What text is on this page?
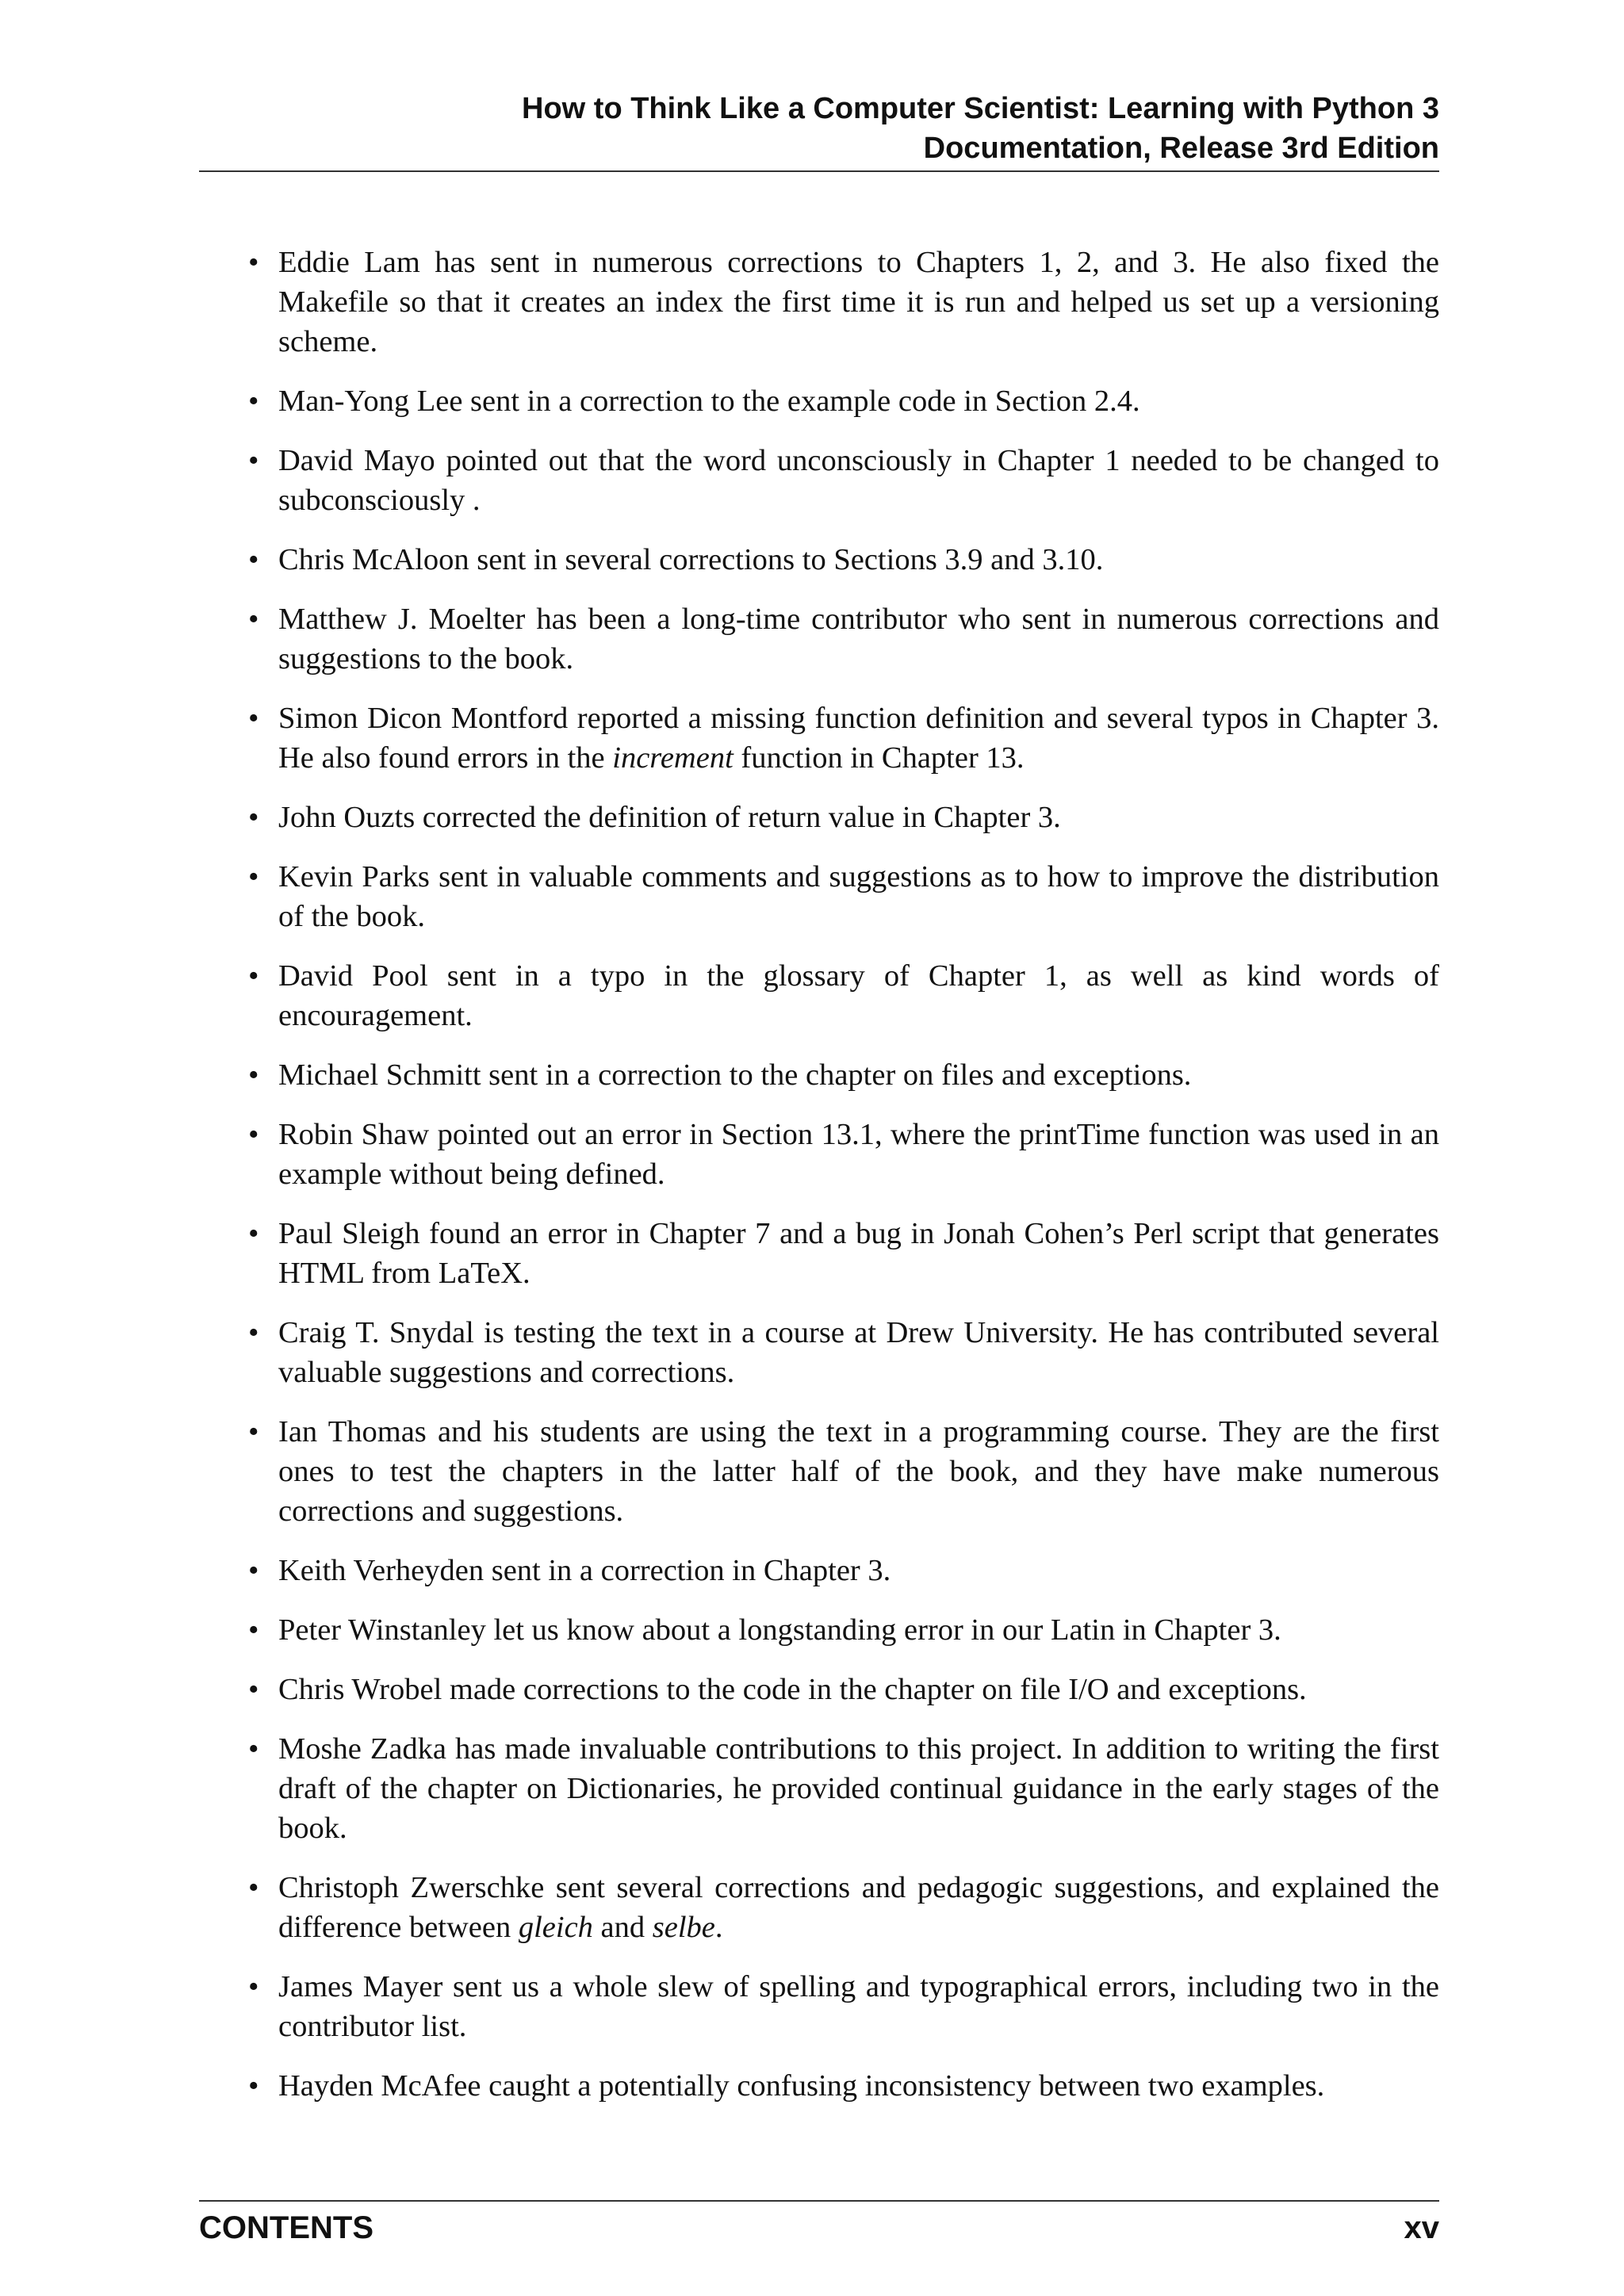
How to Think Like a Computer Scientist: Learning with Python 3
Documentation, Release 3rd Edition
• Eddie Lam has sent in numerous corrections to Chapters 1, 2, and 3. He also fixed the Makefile so that it creates an index the first time it is run and helped us set up a versioning scheme.
• Man-Yong Lee sent in a correction to the example code in Section 2.4.
• David Mayo pointed out that the word unconsciously in Chapter 1 needed to be changed to subconsciously .
• Chris McAloon sent in several corrections to Sections 3.9 and 3.10.
• Matthew J. Moelter has been a long-time contributor who sent in numerous corrections and suggestions to the book.
• Simon Dicon Montford reported a missing function definition and several typos in Chapter 3. He also found errors in the increment function in Chapter 13.
• John Ouzts corrected the definition of return value in Chapter 3.
• Kevin Parks sent in valuable comments and suggestions as to how to improve the distribution of the book.
• David Pool sent in a typo in the glossary of Chapter 1, as well as kind words of encouragement.
• Michael Schmitt sent in a correction to the chapter on files and exceptions.
• Robin Shaw pointed out an error in Section 13.1, where the printTime function was used in an example without being defined.
• Paul Sleigh found an error in Chapter 7 and a bug in Jonah Cohen’s Perl script that generates HTML from LaTeX.
• Craig T. Snydal is testing the text in a course at Drew University. He has contributed several valuable suggestions and corrections.
• Ian Thomas and his students are using the text in a programming course. They are the first ones to test the chapters in the latter half of the book, and they have make numerous corrections and suggestions.
• Keith Verheyden sent in a correction in Chapter 3.
• Peter Winstanley let us know about a longstanding error in our Latin in Chapter 3.
• Chris Wrobel made corrections to the code in the chapter on file I/O and exceptions.
• Moshe Zadka has made invaluable contributions to this project. In addition to writing the first draft of the chapter on Dictionaries, he provided continual guidance in the early stages of the book.
• Christoph Zwerschke sent several corrections and pedagogic suggestions, and explained the difference between gleich and selbe.
• James Mayer sent us a whole slew of spelling and typographical errors, including two in the contributor list.
• Hayden McAfee caught a potentially confusing inconsistency between two examples.
CONTENTS	xv
